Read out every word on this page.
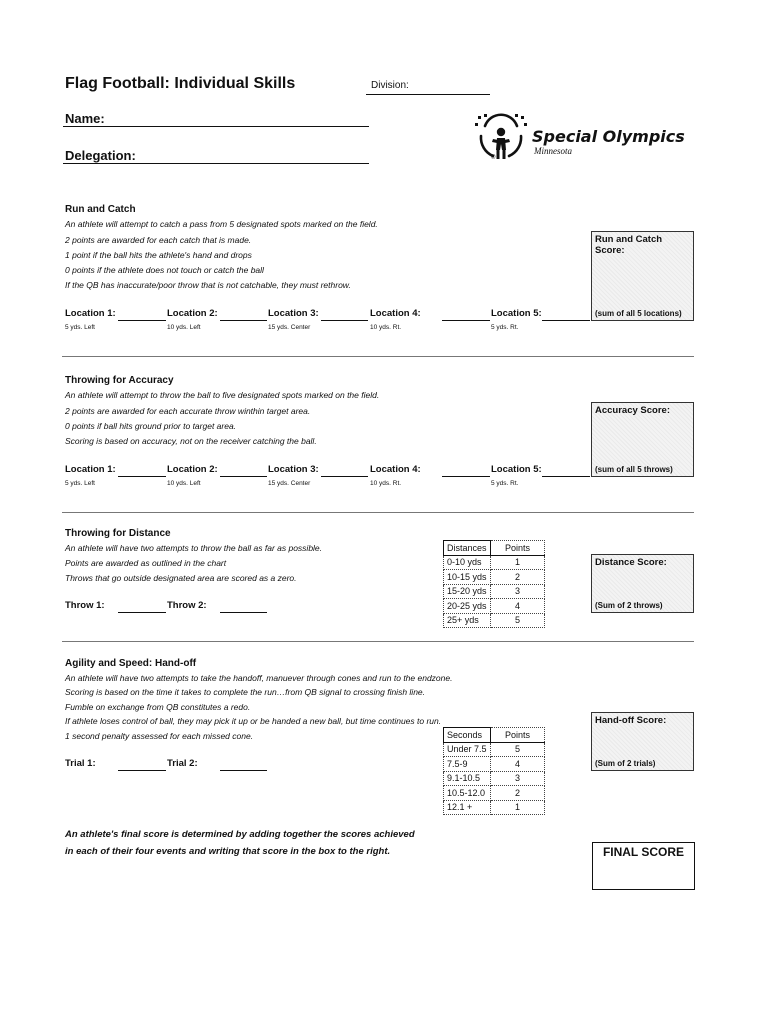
Flag Football: Individual Skills	Division:
Name:
Delegation:
Special Olympics
Minnesota
®
Run and Catch
An athlete will attempt to catch a pass from 5 designated spots marked on the field.
2 points are awarded for each catch that is made.
1 point if the ball hits the athlete's hand and drops
0 points if the athlete does not touch or catch the ball
If the QB has inaccurate/poor throw that is not catchable, they must rethrow.
Location 1:	Location 2:	Location 3:	Location 4:	Location 5:
5 yds. Left	10 yds. Left	15 yds. Center	10 yds. Rt.	5 yds. Rt.
Run and Catch Score:
(sum of all 5 locations)
Throwing for Accuracy
An athlete will attempt to throw the ball to five designated spots marked on the field.
2 points are awarded for each accurate throw winthin target area.
0 points if ball hits ground prior to target area.
Scoring is based on accuracy, not on the receiver catching the ball.
Location 1:	Location 2:	Location 3:	Location 4:	Location 5:
5 yds. Left	10 yds. Left	15 yds. Center	10 yds. Rt.	5 yds. Rt.
Accuracy Score:
(sum of all 5 throws)
Throwing for Distance
An athlete will have two attempts to throw the ball as far as possible.
Points are awarded as outlined in the chart
Throws that go outside designated area are scored as a zero.
Throw 1:	Throw 2:
Distances	Points
0-10 yds	1
10-15 yds	2
15-20 yds	3
20-25 yds	4
25+ yds	5
Distance Score:
(Sum of 2 throws)
Agility and Speed: Hand-off
An athlete will have two attempts to take the handoff, manuever through cones and run to the endzone.
Scoring is based on the time it takes to complete the run…from QB signal to crossing finish line.
Fumble on exchange from QB constitutes a redo.
If athlete loses control of ball, they may pick it up or be handed a new ball, but time continues to run.
1 second penalty assessed for each missed cone.
Trial 1:	Trial 2:
Seconds	Points
Under 7.5	5
7.5-9	4
9.1-10.5	3
10.5-12.0	2
12.1 +	1
Hand-off Score:
(Sum of 2 trials)
An athlete's final score is determined by adding together the scores achieved
in each of their four events and writing that score in the box to the right.	FINAL SCORE
